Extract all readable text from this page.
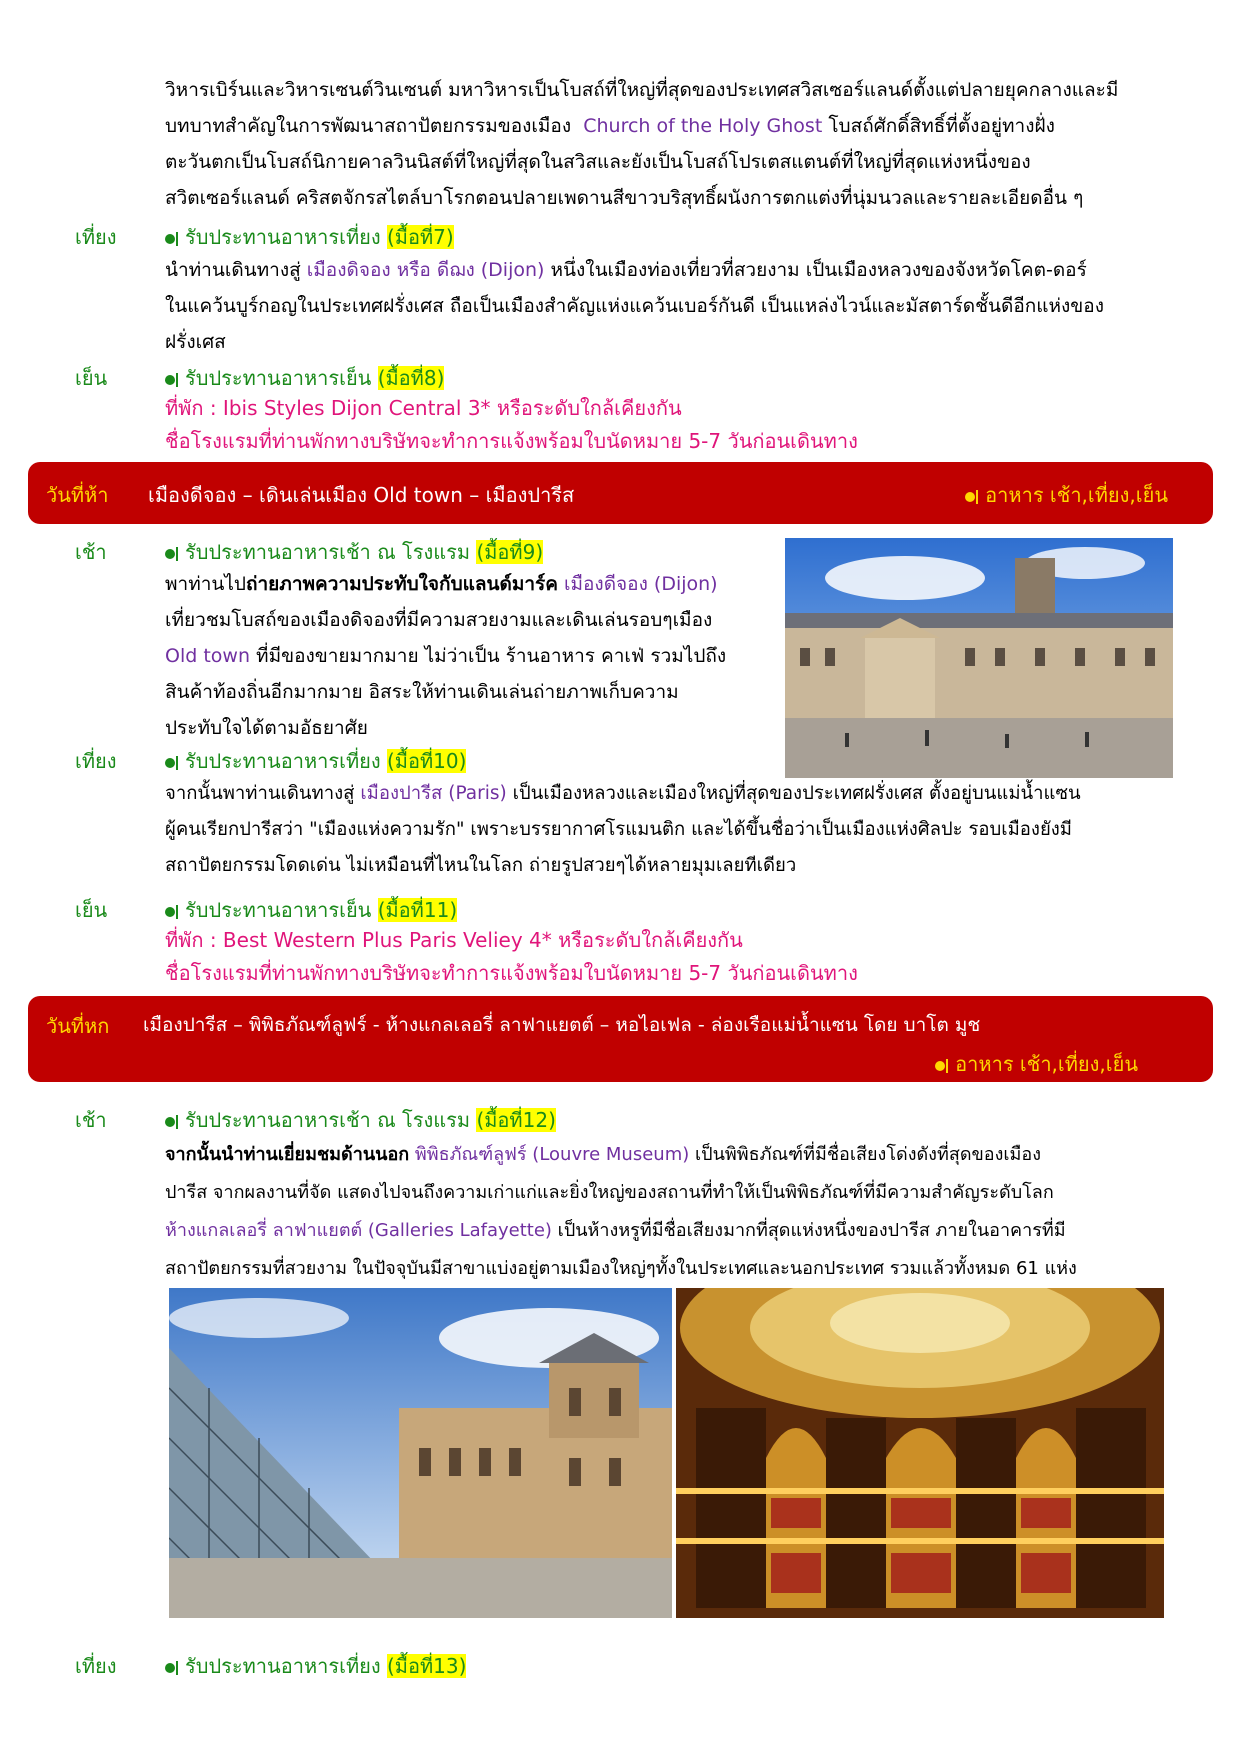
วิหารเบิร์นและวิหารเซนต์วินเซนต์ มหาวิหารเป็นโบสถ์ที่ใหญ่ที่สุดของประเทศสวิสเซอร์แลนด์ตั้งแต่ปลายยุคกลางและมี
บทบาทสำคัญในการพัฒนาสถาปัตยกรรมของเมือง Church of the Holy Ghost โบสถ์ศักดิ์สิทธิ์ที่ตั้งอยู่ทางฝั่ง
ตะวันตกเป็นโบสถ์นิกายคาลวินนิสต์ที่ใหญ่ที่สุดในสวิสและยังเป็นโบสถ์โปรเตสแตนต์ที่ใหญ่ที่สุดแห่งหนึ่งของ
สวิตเซอร์แลนด์ คริสตจักรสไตล์บาโรกตอนปลายเพดานสีขาวบริสุทธิ์ผนังการตกแต่งที่นุ่มนวลและรายละเอียดอื่น ๆ
เที่ยง	รับประทานอาหารเที่ยง (มื้อที่7)
นำท่านเดินทางสู่ เมืองดิจอง หรือ ดีฌง (Dijon) หนึ่งในเมืองท่องเที่ยวที่สวยงาม เป็นเมืองหลวงของจังหวัดโคต-ดอร์
ในแคว้นบูร์กอญในประเทศฝรั่งเศส ถือเป็นเมืองสำคัญแห่งแคว้นเบอร์กันดี เป็นแหล่งไวน์และมัสตาร์ดชั้นดีอีกแห่งของ
ฝรั่งเศส
เย็น	รับประทานอาหารเย็น (มื้อที่8)
ที่พัก : Ibis Styles Dijon Central 3* หรือระดับใกล้เคียงกัน
ชื่อโรงแรมที่ท่านพักทางบริษัทจะทำการแจ้งพร้อมใบนัดหมาย 5-7 วันก่อนเดินทาง
วันที่ห้า เมืองดีจอง – เดินเล่นเมือง Old town – เมืองปารีส	อาหาร เช้า,เที่ยง,เย็น
เช้า	รับประทานอาหารเช้า ณ โรงแรม (มื้อที่9)
พาท่านไปถ่ายภาพความประทับใจกับแลนด์มาร์ค เมืองดีจอง (Dijon)
เที่ยวชมโบสถ์ของเมืองดิจองที่มีความสวยงามและเดินเล่นรอบๆเมือง
Old town ที่มีของขายมากมาย ไม่ว่าเป็น ร้านอาหาร คาเฟ่ รวมไปถึง
สินค้าท้องถิ่นอีกมากมาย อิสระให้ท่านเดินเล่นถ่ายภาพเก็บความ
ประทับใจได้ตามอัธยาศัย
เที่ยง	รับประทานอาหารเที่ยง (มื้อที่10)
จากนั้นพาท่านเดินทางสู่ เมืองปารีส (Paris) เป็นเมืองหลวงและเมืองใหญ่ที่สุดของประเทศฝรั่งเศส ตั้งอยู่บนแม่น้ำแซน
ผู้คนเรียกปารีสว่า "เมืองแห่งความรัก" เพราะบรรยากาศโรแมนติก และได้ขึ้นชื่อว่าเป็นเมืองแห่งศิลปะ รอบเมืองยังมี
สถาปัตยกรรมโดดเด่น ไม่เหมือนที่ไหนในโลก ถ่ายรูปสวยๆได้หลายมุมเลยทีเดียว
เย็น	รับประทานอาหารเย็น (มื้อที่11)
ที่พัก : Best Western Plus Paris Veliey 4* หรือระดับใกล้เคียงกัน
ชื่อโรงแรมที่ท่านพักทางบริษัทจะทำการแจ้งพร้อมใบนัดหมาย 5-7 วันก่อนเดินทาง
วันที่หก เมืองปารีส – พิพิธภัณฑ์ลูฟร์ - ห้างแกลเลอรี่ ลาฟาแยตต์ – หอไอเฟล - ล่องเรือแม่น้ำแซน โดย บาโต มูช
อาหาร เช้า,เที่ยง,เย็น
เช้า	รับประทานอาหารเช้า ณ โรงแรม (มื้อที่12)
จากนั้นนำท่านเยี่ยมชมด้านนอก พิพิธภัณฑ์ลูฟร์ (Louvre Museum) เป็นพิพิธภัณฑ์ที่มีชื่อเสียงโด่งดังที่สุดของเมือง
ปารีส จากผลงานที่จัด แสดงไปจนถึงความเก่าแก่และยิ่งใหญ่ของสถานที่ทำให้เป็นพิพิธภัณฑ์ที่มีความสำคัญระดับโลก
ห้างแกลเลอรี่ ลาฟาแยตต์ (Galleries Lafayette) เป็นห้างหรูที่มีชื่อเสียงมากที่สุดแห่งหนึ่งของปารีส ภายในอาคารที่มี
สถาปัตยกรรมที่สวยงาม ในปัจจุบันมีสาขาแบ่งอยู่ตามเมืองใหญ่ๆทั้งในประเทศและนอกประเทศ รวมแล้วทั้งหมด 61 แห่ง
เที่ยง	รับประทานอาหารเที่ยง (มื้อที่13)
